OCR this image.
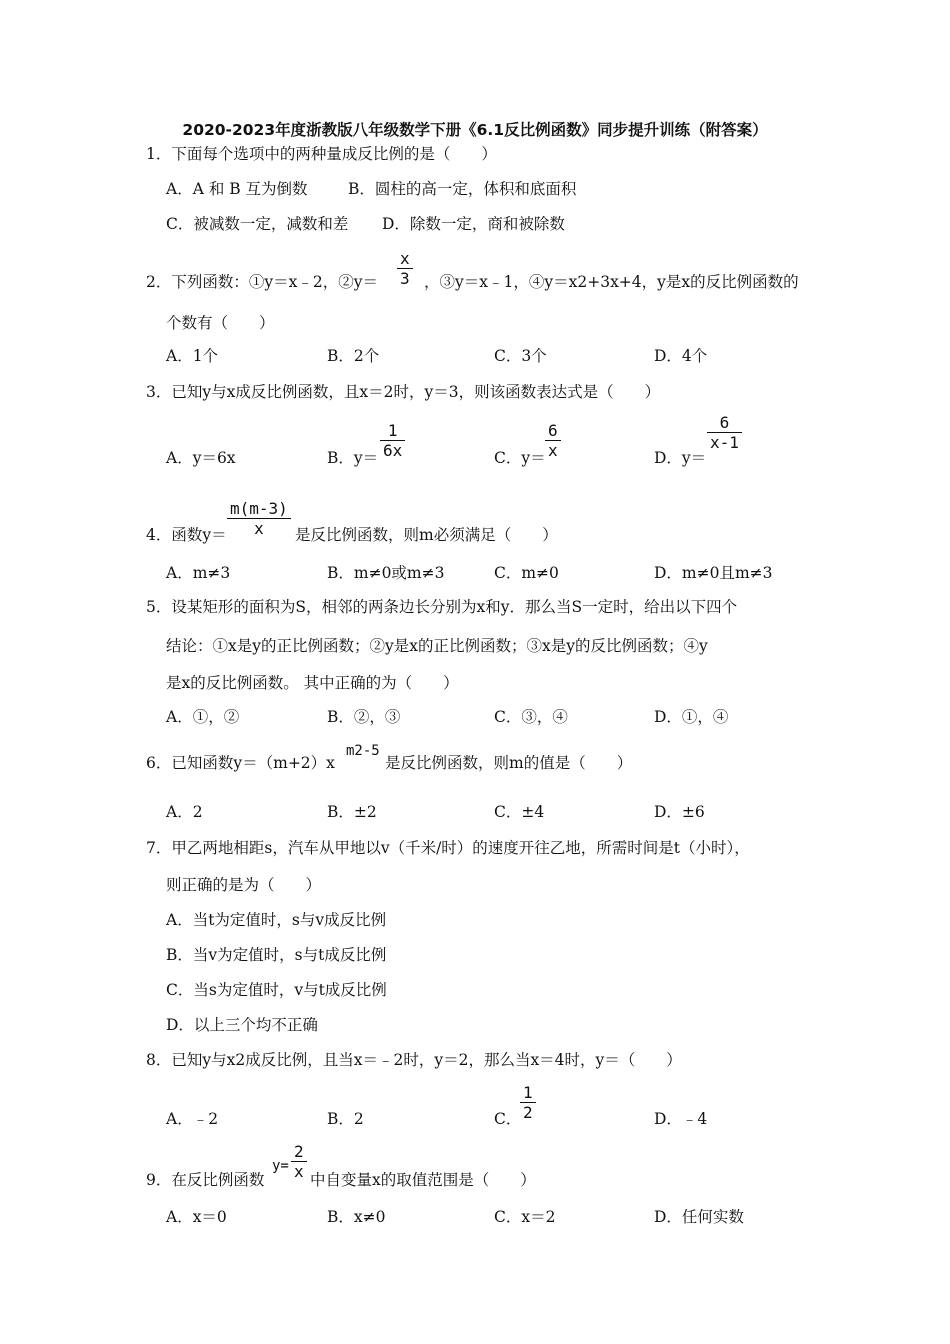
2020-2023年度浙教版八年级数学下册《6.1反比例函数》同步提升训练（附答案）
1．下面每个选项中的两种量成反比例的是（　　）
A．A 和 B 互为倒数	B．圆柱的高一定，体积和底面积
C．被减数一定，减数和差 D．除数一定，商和被除数
2．下列函数：①y＝x﹣2，②y＝
x
3 ，③y＝x﹣1，④y＝x2+3x+4，y是x的反比例函数的
个数有（　　）
A．1个	B．2个	C．3个	D．4个
3．已知y与x成反比例函数，且x＝2时，y＝3，则该函数表达式是（　　）
A．y＝6x	B．y＝
1
6x	C．y＝
6
x	D．y＝
6
x-1
4．函数y＝
m(m-3)
x 是反比例函数，则m必须满足（　　）
A．m≠3	B．m≠0或m≠3	C．m≠0	D．m≠0且m≠3
5．设某矩形的面积为S，相邻的两条边长分别为x和y．那么当S一定时，给出以下四个
结论：①x是y的正比例函数；②y是x的正比例函数；③x是y的反比例函数；④y
是x的反比例函数。 其中正确的为（　　）
A．①，②	B．②，③	C．③，④	D．①，④
6．已知函数y＝（m+2）x
m2-5
是反比例函数，则m的值是（　　）
A．2	B．±2	C．±4	D．±6
7．甲乙两地相距s，汽车从甲地以v（千米/时）的速度开往乙地，所需时间是t（小时），
则正确的是为（　　）
A．当t为定值时，s与v成反比例
B．当v为定值时，s与t成反比例
C．当s为定值时，v与t成反比例
D．以上三个均不正确
8．已知y与x2成反比例，且当x＝﹣2时，y＝2，那么当x＝4时，y＝（　　）
A．﹣2	B．2	C．
1
2	D．﹣4
9．在反比例函数
y=
2
x 中自变量x的取值范围是（　　）
A．x＝0	B．x≠0	C．x＝2	D．任何实数
